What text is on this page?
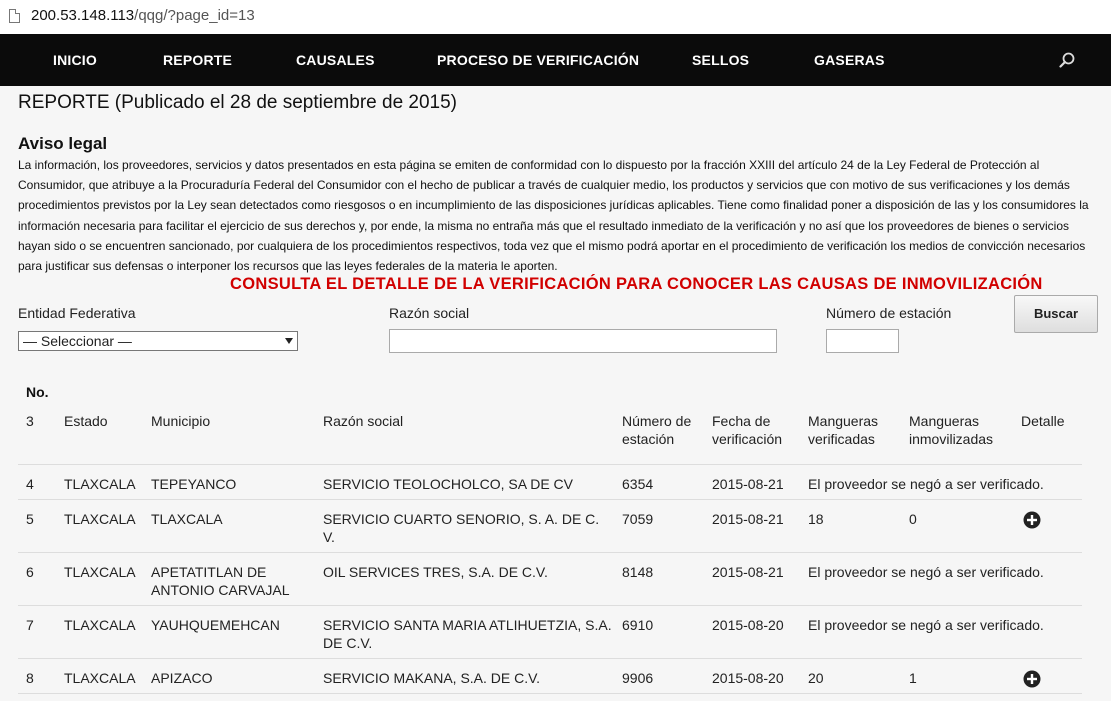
200.53.148.113/qqg/?page_id=13
INICIO	REPORTE	CAUSALES	PROCESO DE VERIFICACIÓN	SELLOS	GASERAS
REPORTE (Publicado el 28 de septiembre de 2015)
Aviso legal

La información, los proveedores, servicios y datos presentados en esta página se emiten de conformidad con lo dispuesto por la fracción XXIII del artículo 24 de la Ley Federal de Protección al Consumidor, que atribuye a la Procuraduría Federal del Consumidor con el hecho de publicar a través de cualquier medio, los productos y servicios que con motivo de sus verificaciones y los demás procedimientos previstos por la Ley sean detectados como riesgosos o en incumplimiento de las disposiciones jurídicas aplicables. Tiene como finalidad poner a disposición de las y los consumidores la información necesaria para facilitar el ejercicio de sus derechos y, por ende, la misma no entraña más que el resultado inmediato de la verificación y no así que los proveedores de bienes o servicios hayan sido o se encuentren sancionado, por cualquiera de los procedimientos respectivos, toda vez que el mismo podrá aportar en el procedimiento de verificación los medios de convicción necesarios para justificar sus defensas o interponer los recursos que las leyes federales de la materia le aporten.

CONSULTA EL DETALLE DE LA VERIFICACIÓN PARA CONOCER LAS CAUSAS DE INMOVILIZACIÓN
Entidad Federativa
— Seleccionar —
Razón social	Número de estación	Buscar
No.								
3	Estado	Municipio	Razón social	Número de estación	Fecha de verificación	Mangueras verificadas	Mangueras inmovilizadas	Detalle
4	TLAXCALA	TEPEYANCO	SERVICIO TEOLOCHOLCO, SA DE CV	6354	2015-08-21	El proveedor se negó a ser verificado.		
5	TLAXCALA	TLAXCALA	SERVICIO CUARTO SENORIO, S. A. DE C. V.	7059	2015-08-21	18	0	
6	TLAXCALA	APETATITLAN DE ANTONIO CARVAJAL	OIL SERVICES TRES, S.A. DE C.V.	8148	2015-08-21	El proveedor se negó a ser verificado.		
7	TLAXCALA	YAUHQUEMEHCAN	SERVICIO SANTA MARIA ATLIHUETZIA, S.A. DE C.V.	6910	2015-08-20	El proveedor se negó a ser verificado.		
8	TLAXCALA	APIZACO	SERVICIO MAKANA, S.A. DE C.V.	9906	2015-08-20	20	1	
